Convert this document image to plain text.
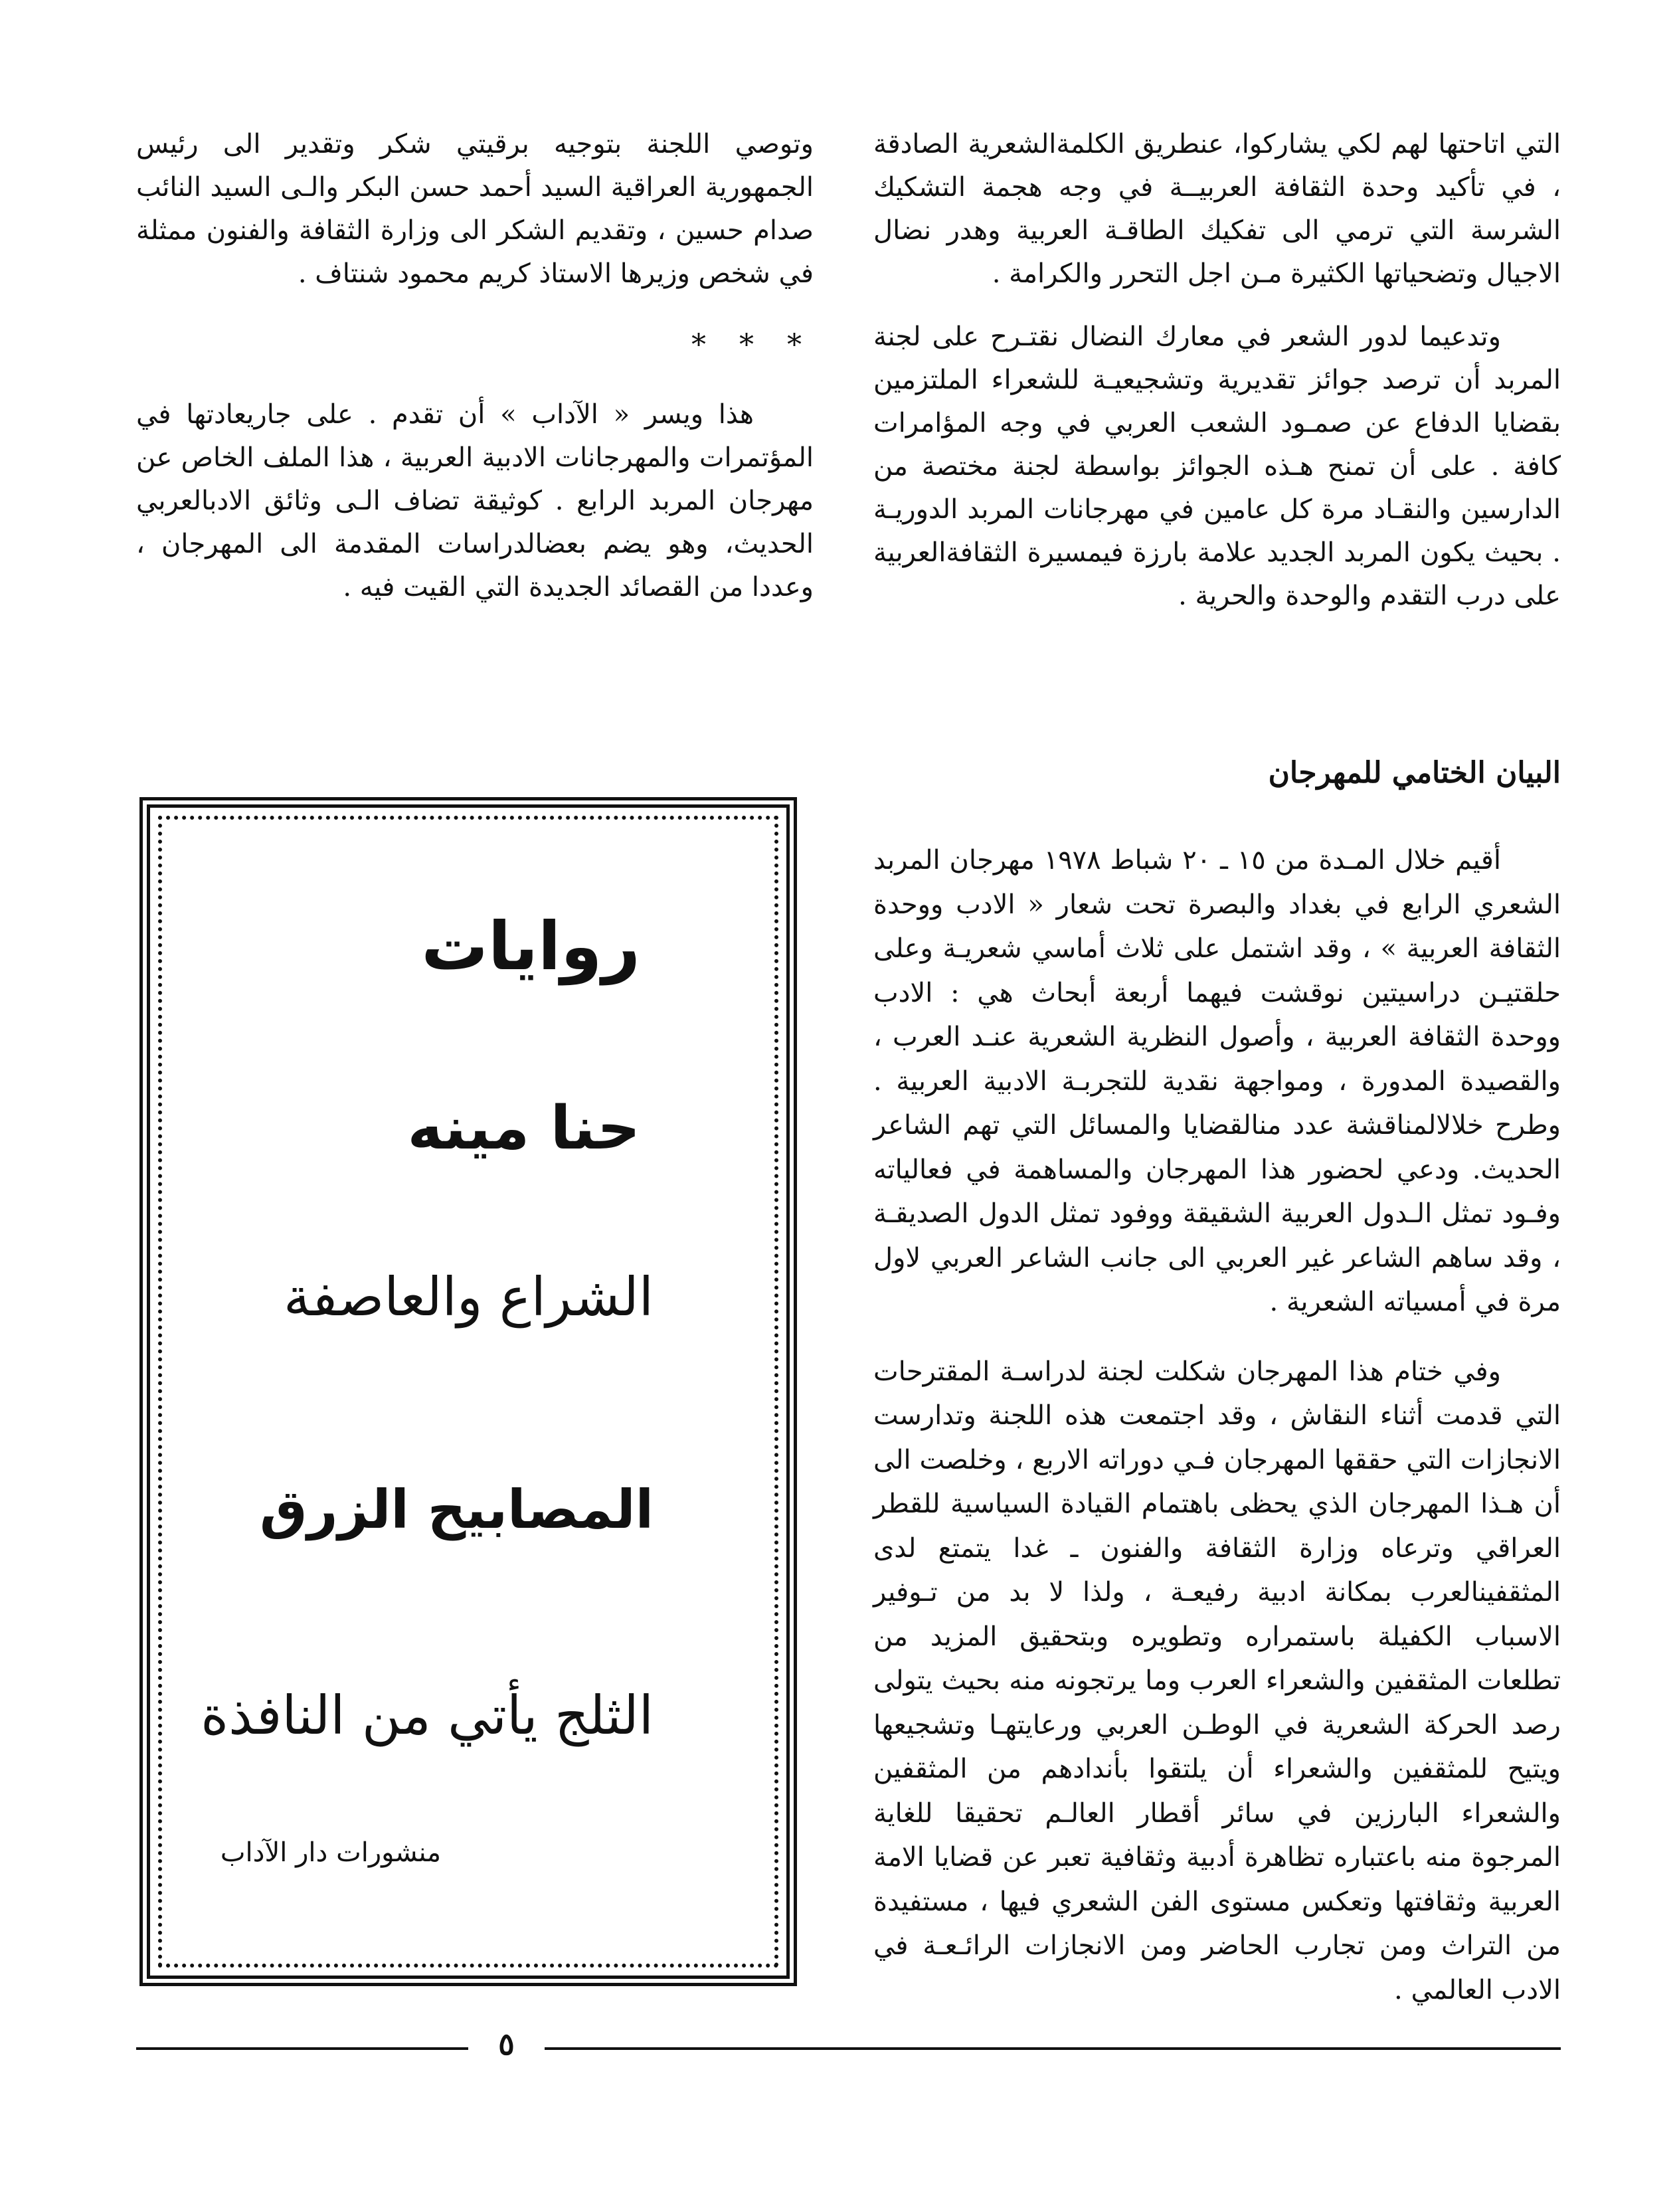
التي اتاحتها لهم لكي يشاركوا، عنطريق الكلمةالشعرية الصادقة ، في تأكيد وحدة الثقافة العربيــة في وجه هجمة التشكيك الشرسة التي ترمي الى تفكيك الطاقـة العربية وهدر نضال الاجيال وتضحياتها الكثيرة مـن اجل التحرر والكرامة .

وتدعيما لدور الشعر في معارك النضال نقتـرح على لجنة المربد أن ترصد جوائز تقديرية وتشجيعيـة للشعراء الملتزمين بقضايا الدفاع عن صمـود الشعب العربي في وجه المؤامرات كافة . على أن تمنح هـذه الجوائز بواسطة لجنة مختصة من الدارسين والنقـاد مرة كل عامين في مهرجانات المربد الدوريـة . بحيث يكون المربد الجديد علامة بارزة فيمسيرة الثقافةالعربية على درب التقدم والوحدة والحرية .

وتوصي اللجنة بتوجيه برقيتي شكر وتقدير الى رئيس الجمهورية العراقية السيد أحمد حسن البكر والـى السيد النائب صدام حسين ، وتقديم الشكر الى وزارة الثقافة والفنون ممثلة في شخص وزيرها الاستاذ كريم محمود شنتاف .

* * *

هذا ويسر « الآداب » أن تقدم . على جاريعادتها في المؤتمرات والمهرجانات الادبية العربية ، هذا الملف الخاص عن مهرجان المربد الرابع . كوثيقة تضاف الـى وثائق الادبالعربي الحديث، وهو يضم بعضالدراسات المقدمة الى المهرجان ، وعددا من القصائد الجديدة التي القيت فيه .

البيان الختامي للمهرجان

أقيم خلال المـدة من ١٥ ـ ٢٠ شباط ١٩٧٨ مهرجان المربد الشعري الرابع في بغداد والبصرة تحت شعار « الادب ووحدة الثقافة العربية » ، وقد اشتمل على ثلاث أماسي شعريـة وعلى حلقتيـن دراسيتين نوقشت فيهما أربعة أبحاث هي : الادب ووحدة الثقافة العربية ، وأصول النظرية الشعرية عنـد العرب ، والقصيدة المدورة ، ومواجهة نقدية للتجربـة الادبية العربية . وطرح خلالالمناقشة عدد منالقضايا والمسائل التي تهم الشاعر الحديث. ودعي لحضور هذا المهرجان والمساهمة في فعالياته وفـود تمثل الـدول العربية الشقيقة ووفود تمثل الدول الصديقـة ، وقد ساهم الشاعر غير العربي الى جانب الشاعر العربي لاول مرة في أمسياته الشعرية .

وفي ختام هذا المهرجان شكلت لجنة لدراسـة المقترحات التي قدمت أثناء النقاش ، وقد اجتمعت هذه اللجنة وتدارست الانجازات التي حققها المهرجان فـي دوراته الاربع ، وخلصت الى أن هـذا المهرجان الذي يحظى باهتمام القيادة السياسية للقطر العراقي وترعاه وزارة الثقافة والفنون ـ غدا يتمتع لدى المثقفينالعرب بمكانة ادبية رفيعـة ، ولذا لا بد من تـوفير الاسباب الكفيلة باستمراره وتطويره وبتحقيق المزيد من تطلعات المثقفين والشعراء العرب وما يرتجونه منه بحيث يتولى رصد الحركة الشعرية في الوطـن العربي ورعايتهـا وتشجيعها ويتيح للمثقفين والشعراء أن يلتقوا بأندادهم من المثقفين والشعراء البارزين في سائر أقطار العالـم تحقيقا للغاية المرجوة منه باعتباره تظاهرة أدبية وثقافية تعبر عن قضايا الامة العربية وثقافتها وتعكس مستوى الفن الشعري فيها ، مستفيدة من التراث ومن تجارب الحاضر ومن الانجازات الرائـعـة في الادب العالمي .

روايات

حنا مينه

الشراع والعاصفة

المصابيح الزرق

الثلج يأتي من النافذة

منشورات دار الآداب

٥
